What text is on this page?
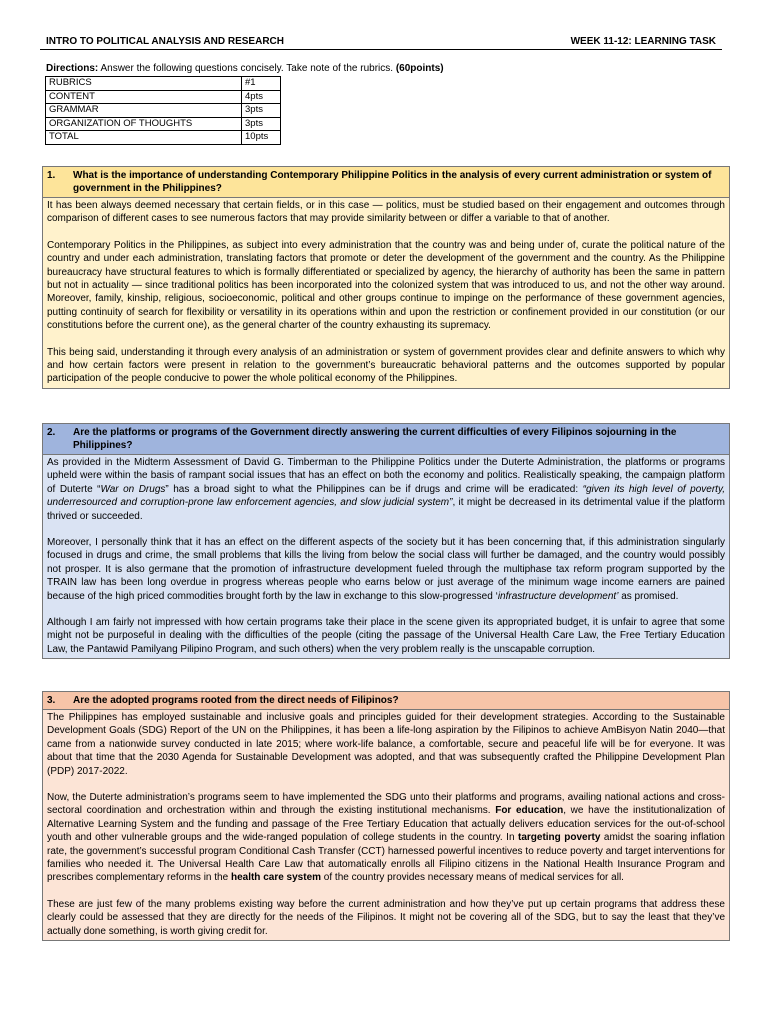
INTRO TO POLITICAL ANALYSIS AND RESEARCH	WEEK 11-12: LEARNING TASK
Directions: Answer the following questions concisely. Take note of the rubrics. (60points)
RUBRICS	#1
CONTENT	4pts
GRAMMAR	3pts
ORGANIZATION OF THOUGHTS	3pts
TOTAL	10pts
1.	What is the importance of understanding Contemporary Philippine Politics in the analysis of every current administration or system of government in the Philippines?

It has been always deemed necessary that certain fields, or in this case — politics, must be studied based on their engagement and outcomes through comparison of different cases to see numerous factors that may provide similarity between or differ a variable to that of another.

Contemporary Politics in the Philippines, as subject into every administration that the country was and being under of, curate the political nature of the country and under each administration, translating factors that promote or deter the development of the government and the country. As the Philippine bureaucracy have structural features to which is formally differentiated or specialized by agency, the hierarchy of authority has been the same in pattern but not in actuality — since traditional politics has been incorporated into the colonized system that was introduced to us, and not the other way around. Moreover, family, kinship, religious, socioeconomic, political and other groups continue to impinge on the performance of these government agencies, putting continuity of search for flexibility or versatility in its operations within and upon the restriction or confinement provided in our constitution (or our constitutions before the current one), as the general charter of the country exhausting its supremacy.

This being said, understanding it through every analysis of an administration or system of government provides clear and definite answers to which why and how certain factors were present in relation to the government’s bureaucratic behavioral patterns and the outcomes supported by popular participation of the people conducive to power the whole political economy of the Philippines.

2.	Are the platforms or programs of the Government directly answering the current difficulties of every Filipinos sojourning in the Philippines?

As provided in the Midterm Assessment of David G. Timberman to the Philippine Politics under the Duterte Administration, the platforms or programs upheld were within the basis of rampant social issues that has an effect on both the economy and politics. Realistically speaking, the campaign platform of Duterte “War on Drugs” has a broad sight to what the Philippines can be if drugs and crime will be eradicated: “given its high level of poverty, underresourced and corruption-prone law enforcement agencies, and slow judicial system”, it might be decreased in its detrimental value if the platform thrived or succeeded.

Moreover, I personally think that it has an effect on the different aspects of the society but it has been concerning that, if this administration singularly focused in drugs and crime, the small problems that kills the living from below the social class will further be damaged, and the country would possibly not prosper. It is also germane that the promotion of infrastructure development fueled through the multiphase tax reform program supported by the TRAIN law has been long overdue in progress whereas people who earns below or just average of the minimum wage income earners are pained because of the high priced commodities brought forth by the law in exchange to this slow-progressed ‘infrastructure development’ as promised.

Although I am fairly not impressed with how certain programs take their place in the scene given its appropriated budget, it is unfair to agree that some might not be purposeful in dealing with the difficulties of the people (citing the passage of the Universal Health Care Law, the Free Tertiary Education Law, the Pantawid Pamilyang Pilipino Program, and such others) when the very problem really is the unscapable corruption.

3.	Are the adopted programs rooted from the direct needs of Filipinos?

The Philippines has employed sustainable and inclusive goals and principles guided for their development strategies. According to the Sustainable Development Goals (SDG) Report of the UN on the Philippines, it has been a life-long aspiration by the Filipinos to achieve AmBisyon Natin 2040—that came from a nationwide survey conducted in late 2015; where work-life balance, a comfortable, secure and peaceful life will be for everyone. It was about that time that the 2030 Agenda for Sustainable Development was adopted, and that was subsequently crafted the Philippine Development Plan (PDP) 2017-2022.

Now, the Duterte administration’s programs seem to have implemented the SDG unto their platforms and programs, availing national actions and cross-sectoral coordination and orchestration within and through the existing institutional mechanisms. For education, we have the institutionalization of Alternative Learning System and the funding and passage of the Free Tertiary Education that actually delivers education services for the out-of-school youth and other vulnerable groups and the wide-ranged population of college students in the country. In targeting poverty amidst the soaring inflation rate, the government’s successful program Conditional Cash Transfer (CCT) harnessed powerful incentives to reduce poverty and target interventions for families who needed it. The Universal Health Care Law that automatically enrolls all Filipino citizens in the National Health Insurance Program and prescribes complementary reforms in the health care system of the country provides necessary means of medical services for all.

These are just few of the many problems existing way before the current administration and how they’ve put up certain programs that address these clearly could be assessed that they are directly for the needs of the Filipinos. It might not be covering all of the SDG, but to say the least that they’ve actually done something, is worth giving credit for.
